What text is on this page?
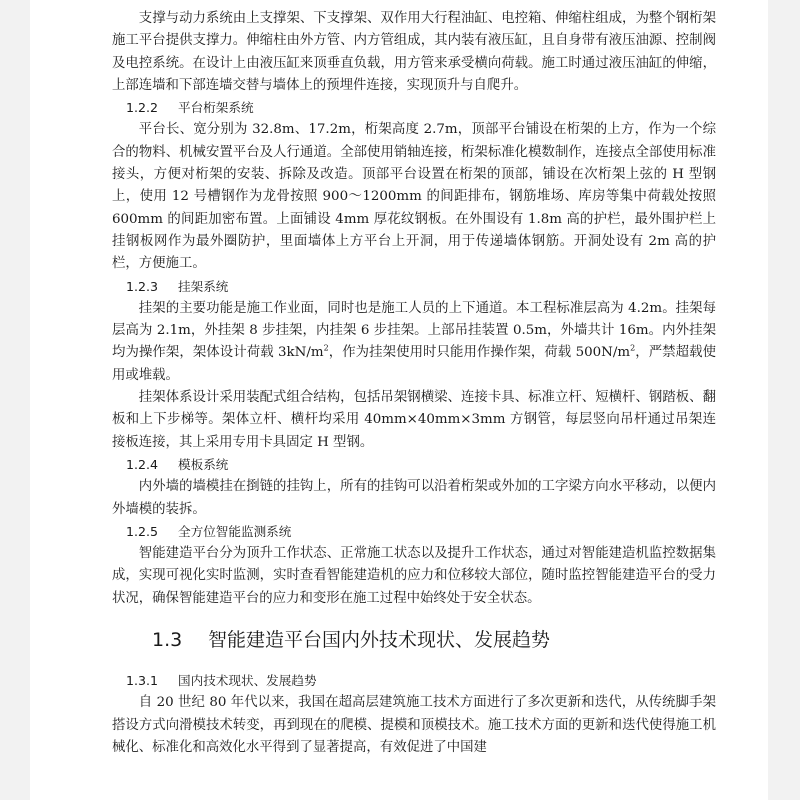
支撑与动力系统由上支撑架、下支撑架、双作用大行程油缸、电控箱、伸缩柱组成，为整个钢桁架施工平台提供支撑力。伸缩柱由外方管、内方管组成，其内装有液压缸，且自身带有液压油源、控制阀及电控系统。在设计上由液压缸来顶垂直负载，用方管来承受横向荷载。施工时通过液压油缸的伸缩，上部连墙和下部连墙交替与墙体上的预埋件连接，实现顶升与自爬升。

1.2.2 平台桁架系统

平台长、宽分别为 32.8m、17.2m，桁架高度 2.7m，顶部平台铺设在桁架的上方，作为一个综合的物料、机械安置平台及人行通道。全部使用销轴连接，桁架标准化模数制作，连接点全部使用标准接头，方便对桁架的安装、拆除及改造。顶部平台设置在桁架的顶部，铺设在次桁架上弦的 H 型钢上，使用 12 号槽钢作为龙骨按照 900～1200mm 的间距排布，钢筋堆场、库房等集中荷载处按照 600mm 的间距加密布置。上面铺设 4mm 厚花纹钢板。在外围设有 1.8m 高的护栏，最外围护栏上挂钢板网作为最外圈防护，里面墙体上方平台上开洞，用于传递墙体钢筋。开洞处设有 2m 高的护栏，方便施工。

1.2.3 挂架系统

挂架的主要功能是施工作业面，同时也是施工人员的上下通道。本工程标准层高为 4.2m。挂架每层高为 2.1m，外挂架 8 步挂架，内挂架 6 步挂架。上部吊挂装置 0.5m，外墙共计 16m。内外挂架均为操作架，架体设计荷载 $3kN/m^2$，作为挂架使用时只能用作操作架，荷载 $500N/m^2$，严禁超载使用或堆载。

挂架体系设计采用装配式组合结构，包括吊架钢横梁、连接卡具、标准立杆、短横杆、钢踏板、翻板和上下步梯等。架体立杆、横杆均采用 40mm×40mm×3mm 方钢管，每层竖向吊杆通过吊架连接板连接，其上采用专用卡具固定 H 型钢。

1.2.4 模板系统

内外墙的墙模挂在捯链的挂钩上，所有的挂钩可以沿着桁架或外加的工字梁方向水平移动，以便内外墙模的装拆。

1.2.5 全方位智能监测系统

智能建造平台分为顶升工作状态、正常施工状态以及提升工作状态，通过对智能建造机监控数据集成，实现可视化实时监测，实时查看智能建造机的应力和位移较大部位，随时监控智能建造平台的受力状况，确保智能建造平台的应力和变形在施工过程中始终处于安全状态。

1.3 智能建造平台国内外技术现状、发展趋势
1.3.1 国内技术现状、发展趋势

自 20 世纪 80 年代以来，我国在超高层建筑施工技术方面进行了多次更新和迭代，从传统脚手架搭设方式向滑模技术转变，再到现在的爬模、提模和顶模技术。施工技术方面的更新和迭代使得施工机械化、标准化和高效化水平得到了显著提高，有效促进了中国建
